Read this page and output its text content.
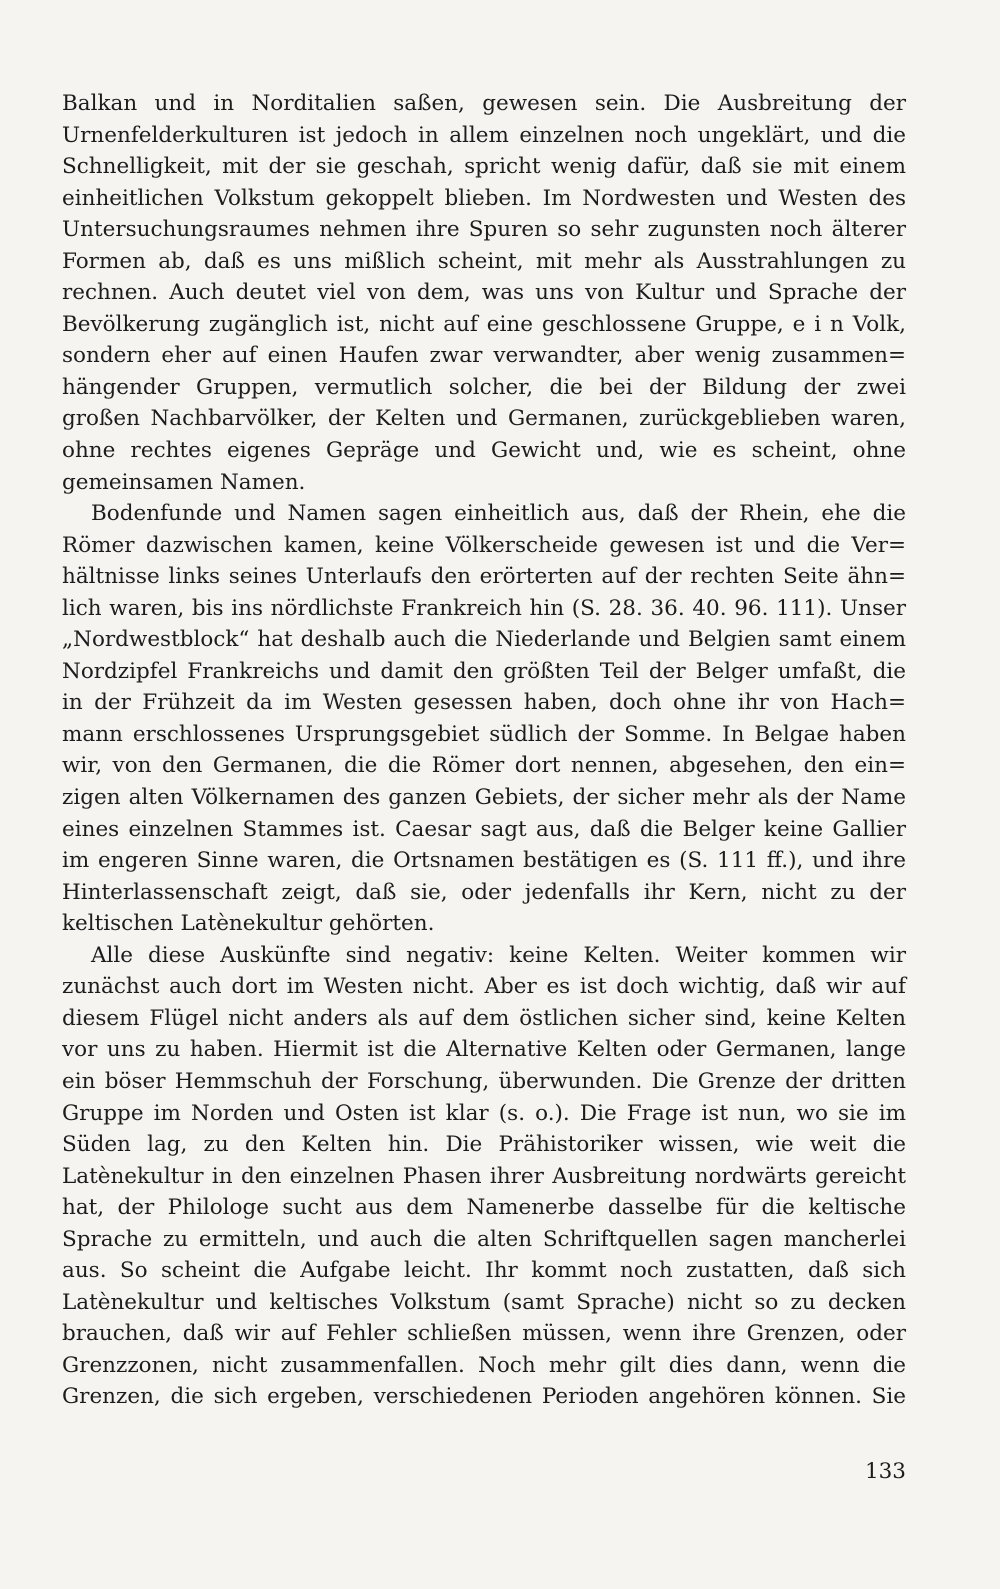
Balkan und in Norditalien saßen, gewesen sein. Die Ausbreitung der
Urnenfelderkulturen ist jedoch in allem einzelnen noch ungeklärt, und die
Schnelligkeit, mit der sie geschah, spricht wenig dafür, daß sie mit einem
einheitlichen Volkstum gekoppelt blieben. Im Nordwesten und Westen des
Untersuchungsraumes nehmen ihre Spuren so sehr zugunsten noch älterer
Formen ab, daß es uns mißlich scheint, mit mehr als Ausstrahlungen zu
rechnen. Auch deutet viel von dem, was uns von Kultur und Sprache der
Bevölkerung zugänglich ist, nicht auf eine geschlossene Gruppe, e i n Volk,
sondern eher auf einen Haufen zwar verwandter, aber wenig zusammen=
hängender Gruppen, vermutlich solcher, die bei der Bildung der zwei
großen Nachbarvölker, der Kelten und Germanen, zurückgeblieben waren,
ohne rechtes eigenes Gepräge und Gewicht und, wie es scheint, ohne
gemeinsamen Namen.
Bodenfunde und Namen sagen einheitlich aus, daß der Rhein, ehe die
Römer dazwischen kamen, keine Völkerscheide gewesen ist und die Ver=
hältnisse links seines Unterlaufs den erörterten auf der rechten Seite ähn=
lich waren, bis ins nördlichste Frankreich hin (S. 28. 36. 40. 96. 111). Unser
„Nordwestblock“ hat deshalb auch die Niederlande und Belgien samt einem
Nordzipfel Frankreichs und damit den größten Teil der Belger umfaßt, die
in der Frühzeit da im Westen gesessen haben, doch ohne ihr von Hach=
mann erschlossenes Ursprungsgebiet südlich der Somme. In Belgae haben
wir, von den Germanen, die die Römer dort nennen, abgesehen, den ein=
zigen alten Völkernamen des ganzen Gebiets, der sicher mehr als der Name
eines einzelnen Stammes ist. Caesar sagt aus, daß die Belger keine Gallier
im engeren Sinne waren, die Ortsnamen bestätigen es (S. 111 ff.), und ihre
Hinterlassenschaft zeigt, daß sie, oder jedenfalls ihr Kern, nicht zu der
keltischen Latènekultur gehörten.
Alle diese Auskünfte sind negativ: keine Kelten. Weiter kommen wir
zunächst auch dort im Westen nicht. Aber es ist doch wichtig, daß wir auf
diesem Flügel nicht anders als auf dem östlichen sicher sind, keine Kelten
vor uns zu haben. Hiermit ist die Alternative Kelten oder Germanen, lange
ein böser Hemmschuh der Forschung, überwunden. Die Grenze der dritten
Gruppe im Norden und Osten ist klar (s. o.). Die Frage ist nun, wo sie im
Süden lag, zu den Kelten hin. Die Prähistoriker wissen, wie weit die
Latènekultur in den einzelnen Phasen ihrer Ausbreitung nordwärts gereicht
hat, der Philologe sucht aus dem Namenerbe dasselbe für die keltische
Sprache zu ermitteln, und auch die alten Schriftquellen sagen mancherlei
aus. So scheint die Aufgabe leicht. Ihr kommt noch zustatten, daß sich
Latènekultur und keltisches Volkstum (samt Sprache) nicht so zu decken
brauchen, daß wir auf Fehler schließen müssen, wenn ihre Grenzen, oder
Grenzzonen, nicht zusammenfallen. Noch mehr gilt dies dann, wenn die
Grenzen, die sich ergeben, verschiedenen Perioden angehören können. Sie
133
